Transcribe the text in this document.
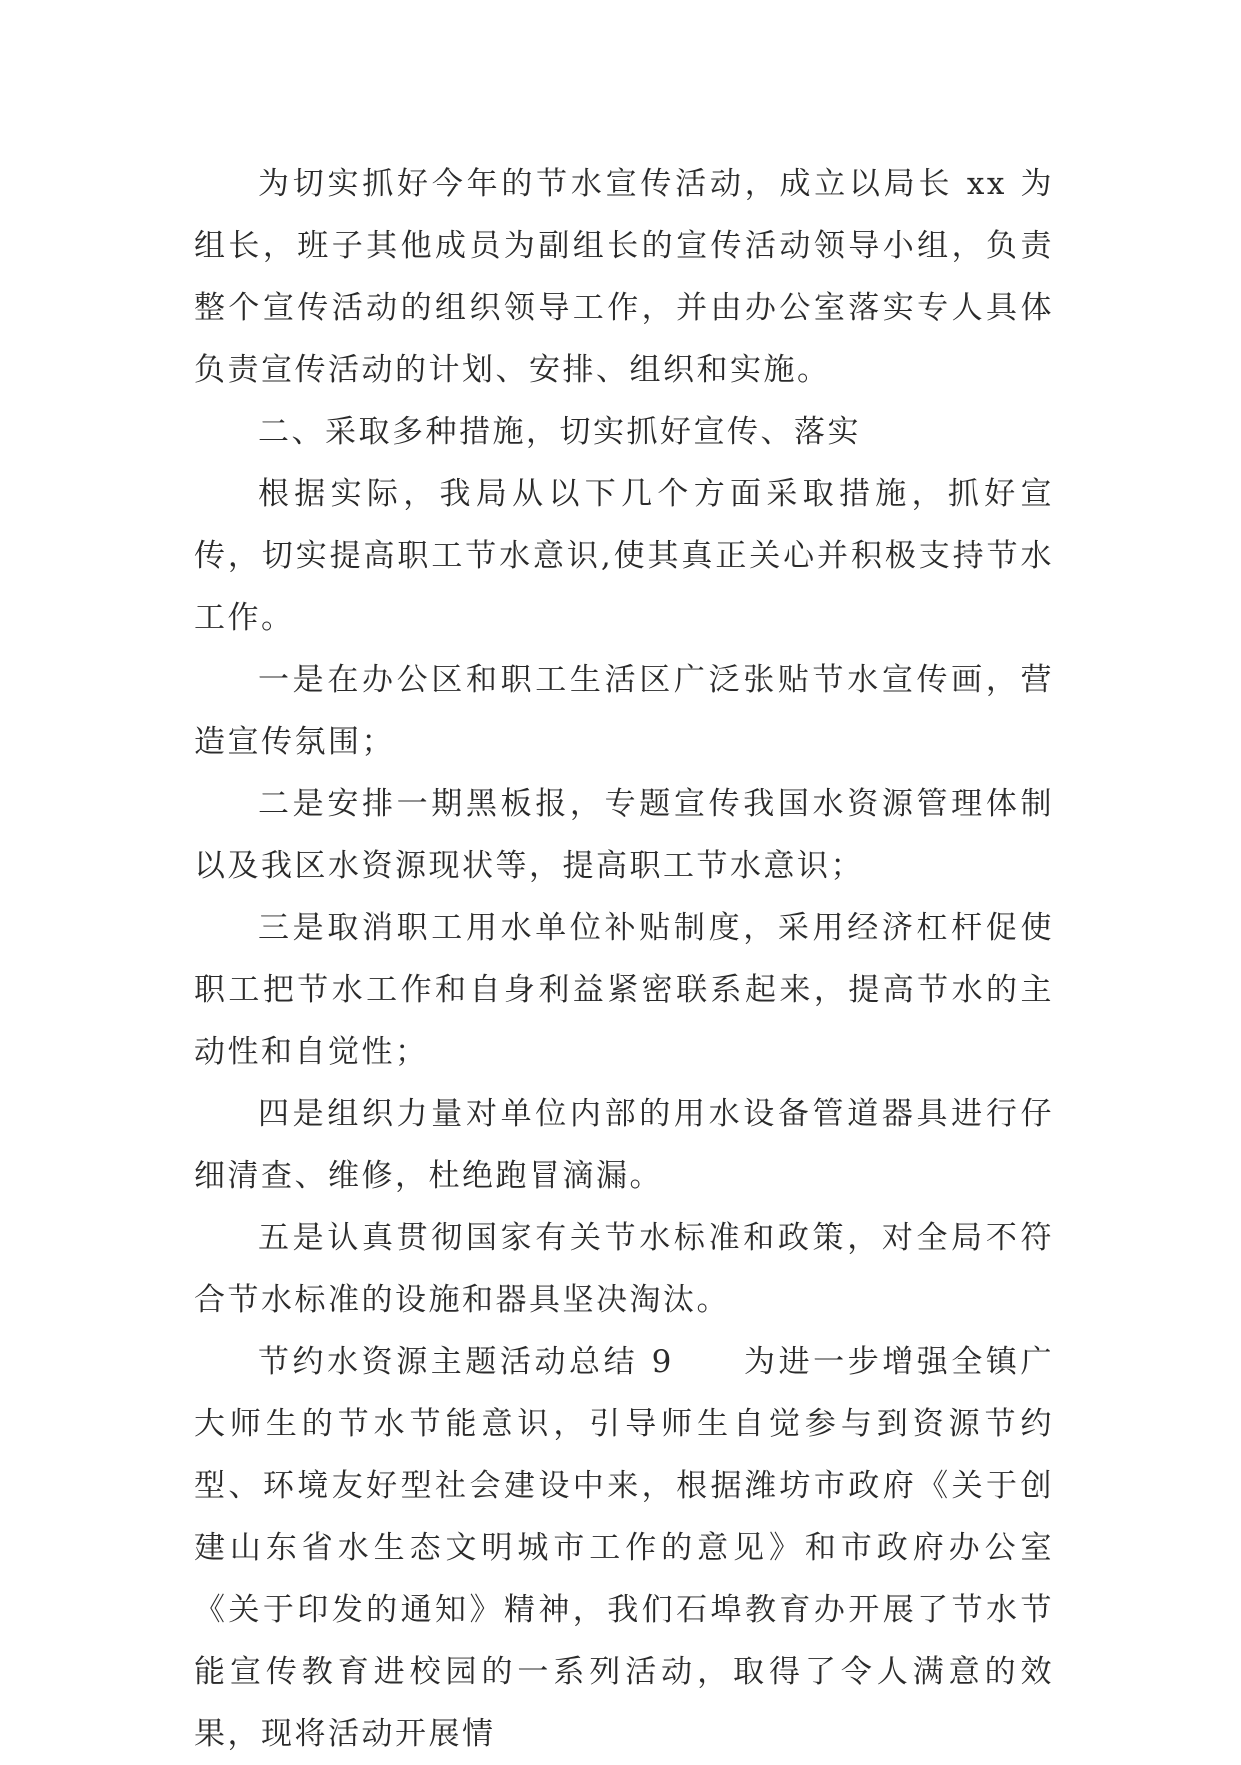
为切实抓好今年的节水宣传活动，成立以局长 xx 为组长，班子其他成员为副组长的宣传活动领导小组，负责整个宣传活动的组织领导工作，并由办公室落实专人具体负责宣传活动的计划、安排、组织和实施。

二、采取多种措施，切实抓好宣传、落实

根据实际，我局从以下几个方面采取措施，抓好宣传，切实提高职工节水意识,使其真正关心并积极支持节水工作。

一是在办公区和职工生活区广泛张贴节水宣传画，营造宣传氛围；

二是安排一期黑板报，专题宣传我国水资源管理体制以及我区水资源现状等，提高职工节水意识；

三是取消职工用水单位补贴制度，采用经济杠杆促使职工把节水工作和自身利益紧密联系起来，提高节水的主动性和自觉性；

四是组织力量对单位内部的用水设备管道器具进行仔细清查、维修，杜绝跑冒滴漏。

五是认真贯彻国家有关节水标准和政策，对全局不符合节水标准的设施和器具坚决淘汰。

节约水资源主题活动总结 9　　为进一步增强全镇广大师生的节水节能意识，引导师生自觉参与到资源节约型、环境友好型社会建设中来，根据潍坊市政府《关于创建山东省水生态文明城市工作的意见》和市政府办公室《关于印发的通知》精神，我们石埠教育办开展了节水节能宣传教育进校园的一系列活动，取得了令人满意的效果，现将活动开展情
